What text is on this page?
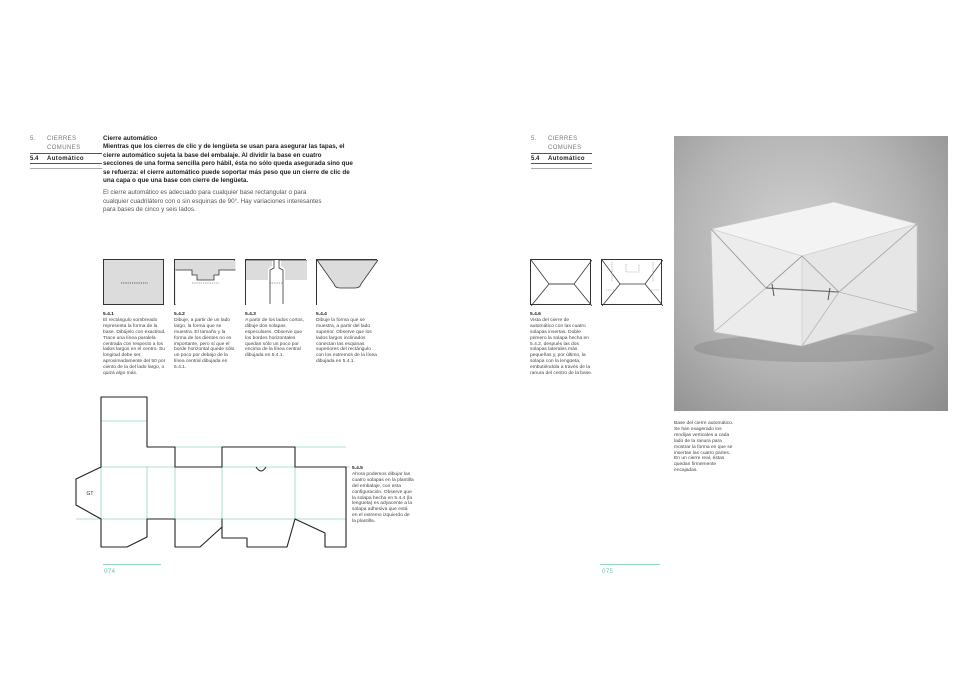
5.	CIERRES
COMUNES
5.4	Automático
Cierre automático
Mientras que los cierres de clic y de lengüeta se usan para asegurar las tapas, el cierre automático sujeta la base del embalaje. Al dividir la base en cuatro secciones de una forma sencilla pero hábil, ésta no sólo queda asegurada sino que se refuerza: el cierre automático puede soportar más peso que un cierre de clic de una capa o que una base con cierre de lengüeta.
El cierre automático es adecuado para cualquier base rectangular o para cualquier cuadrilátero con o sin esquinas de 90°. Hay variaciones interesantes para bases de cinco y seis lados.
5.4.1
El rectángulo sombreado representa la forma de la base. Dibújelo con exactitud. Trace una línea paralela centrada con respecto a los lados largos en el centro. Su longitud debe ser, aproximadamente del 50 por ciento de la del lado largo, o quizá algo más.
5.4.2
Dibuje, a partir de un lado largo, la forma que se muestra. El tamaño y la forma de los dientes no es importante, pero sí que el borde horizontal quede sólo un poco por debajo de la línea central dibujada en 5.4.1.
5.4.3
A partir de los lados cortos, dibuje dos solapas especulares. Observe que los bordes horizontales quedan sólo un poco por encima de la línea central dibujada en 5.4.1.
5.4.4
Dibuje la forma que se muestra, a partir del lado superior. Observe que los lados largos inclinados conectan las esquinas superiores del rectángulo con los extremos de la línea dibujada en 5.4.1.
GT
5.4.5
Ahora podemos dibujar las cuatro solapas en la plantilla del embalaje, con esta configuración. Observe que la solapa hecha en 5.4.4 (la lengüeta) es adyacente a la solapa adhesiva que está en el extremo izquierdo de la plantilla.
074
5.	CIERRES
COMUNES
5.4	Automático
5.4.6
Vista del cierre de automático con las cuatro solapas insertas. Doble primero la solapa hecha en 5.4.2, después las dos solapas laterales más pequeñas y, por último, la solapa con la lengüeta, embutiéndola a través de la ranura del centro de la base.
Base del cierre automático. Se han exagerado los rendijas verticales a cada lado de la ranura para mostrar la forma en que se insertan las cuatro partes. En un cierre real, éstas quedan firmemente encajadas.
075
